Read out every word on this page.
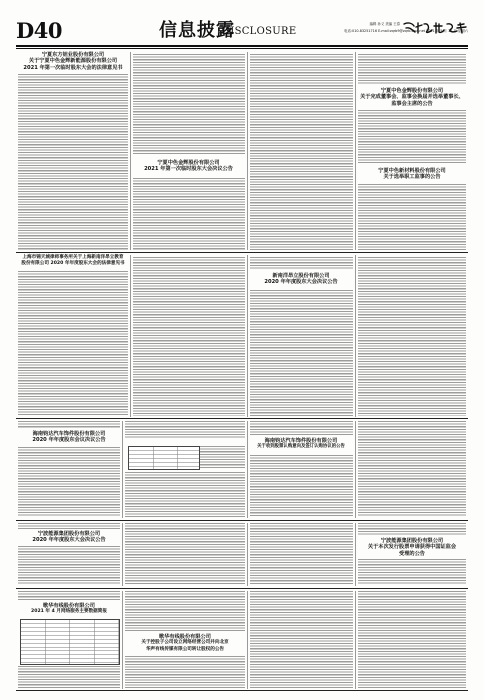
D40	信息披露
DISCLOSURE
编辑 孙义 美编 王春
电话:010-83251716 E-mail:zqrb9@zqrb.sina.net 2021 年 5 月 15 日 星期六
宁夏东方钽业股份有限公司
关于宁夏中色金辉新能源股份有限公司
2021 年第一次临时股东大会的法律意见书
宁夏中色金辉股份有限公司
2021 年第一次临时股东大会决议公告
宁夏中色金辉股份有限公司
关于完成董事会、监事会换届并选举董事长、
监事会主席的公告
宁夏中色新材料股份有限公司
关于选举职工监事的公告
上海市锦天城律师事务所关于上海新南洋昂立教育
股份有限公司 2020 年年度股东大会的法律意见书
新南洋昂立股份有限公司
2020 年年度股东大会决议公告
海南钧达汽车饰件股份有限公司
2020 年年度股东会议决议公告	海南钧达汽车饰件股份有限公司
关于收到股票认购意向及签订认购协议的公告
宁波能源集团股份有限公司
2020 年年度股东大会决议公告	宁波能源集团股份有限公司
关于本次发行股票申请获得中国证监会
受理的公告
歌华有线股份有限公司
2021 年 4 月网络服务主要数据简报
歌华有线股份有限公司
关于控股子公司设立网络经营公司并向北京
华声有线传媒有限公司转让股权的公告
